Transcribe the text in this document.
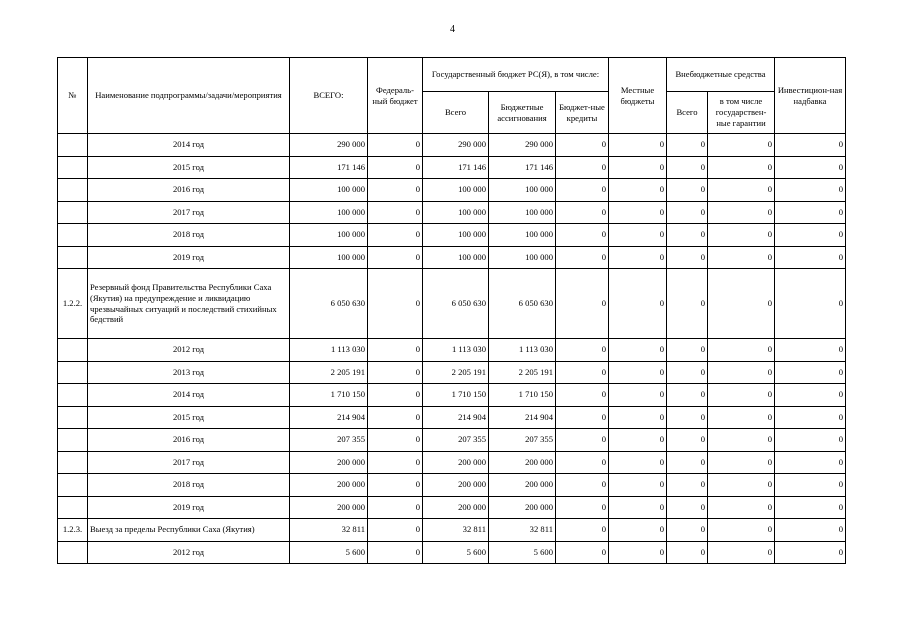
4
№	Наименование подпрограммы/задачи/мероприятия	ВСЕГО:	Федераль-ный бюджет	Государственный бюджет РС(Я), в том числе:			Местные бюджеты	Внебюджетные средства		Инвестицион-ная надбавка
				Всего	Бюджетные ассигнования	Бюджет-ные кредиты		Всего	в том числе государствен-ные гарантии	
	2014 год	290 000	0	290 000	290 000	0	0	0	0	0
	2015 год	171 146	0	171 146	171 146	0	0	0	0	0
	2016 год	100 000	0	100 000	100 000	0	0	0	0	0
	2017 год	100 000	0	100 000	100 000	0	0	0	0	0
	2018 год	100 000	0	100 000	100 000	0	0	0	0	0
	2019 год	100 000	0	100 000	100 000	0	0	0	0	0
1.2.2.	Резервный фонд Правительства Республики Саха (Якутия) на предупреждение и ликвидацию чрезвычайных ситуаций и последствий стихийных бедствий	6 050 630	0	6 050 630	6 050 630	0	0	0	0	0
	2012 год	1 113 030	0	1 113 030	1 113 030	0	0	0	0	0
	2013 год	2 205 191	0	2 205 191	2 205 191	0	0	0	0	0
	2014 год	1 710 150	0	1 710 150	1 710 150	0	0	0	0	0
	2015 год	214 904	0	214 904	214 904	0	0	0	0	0
	2016 год	207 355	0	207 355	207 355	0	0	0	0	0
	2017 год	200 000	0	200 000	200 000	0	0	0	0	0
	2018 год	200 000	0	200 000	200 000	0	0	0	0	0
	2019 год	200 000	0	200 000	200 000	0	0	0	0	0
1.2.3.	Выезд за пределы Республики Саха (Якутия)	32 811	0	32 811	32 811	0	0	0	0	0
	2012 год	5 600	0	5 600	5 600	0	0	0	0	0
